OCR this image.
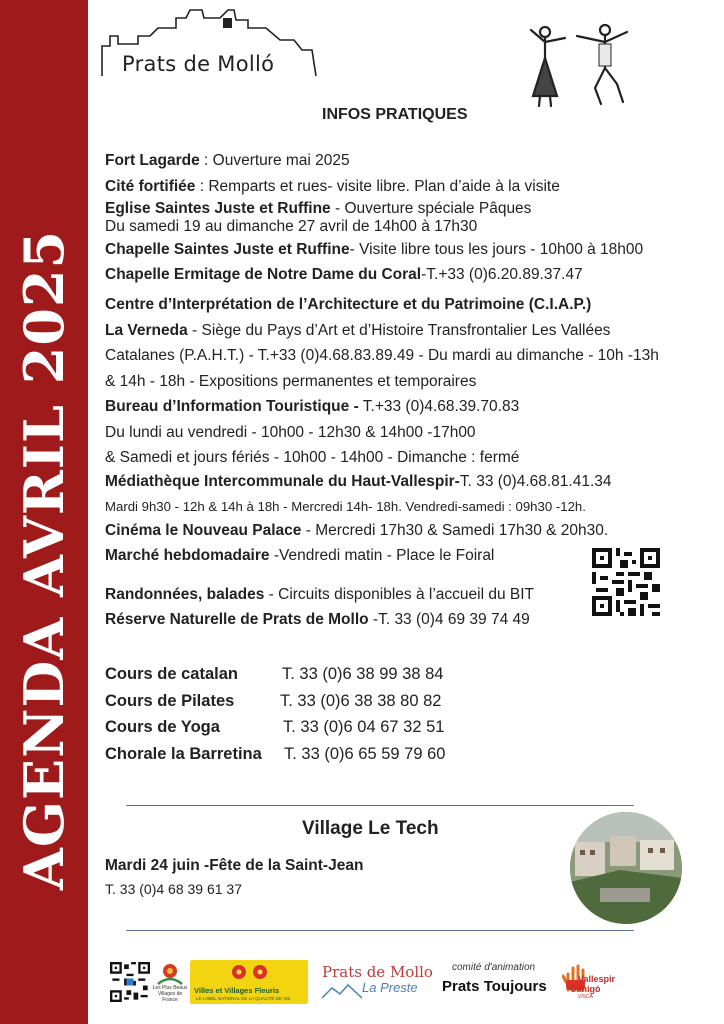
AGENDA AVRIL 2025
Prats de Molló
INFOS PRATIQUES
Fort Lagarde : Ouverture mai 2025
Cité fortifiée : Remparts et rues- visite libre. Plan d’aide à la visite
Eglise Saintes Juste et Ruffine - Ouverture spéciale Pâques
Du samedi 19 au dimanche 27 avril de 14h00 à 17h30
Chapelle Saintes Juste et Ruffine- Visite libre tous les jours - 10h00 à 18h00
Chapelle Ermitage de Notre Dame du Coral-T.+33 (0)6.20.89.37.47
Centre d’Interprétation de l’Architecture et du Patrimoine (C.I.A.P.)
La Verneda - Siège du Pays d’Art et d’Histoire Transfrontalier Les Vallées
Catalanes (P.A.H.T.) - T.+33 (0)4.68.83.89.49 - Du mardi au dimanche - 10h -13h
& 14h - 18h - Expositions permanentes et temporaires
Bureau d’Information Touristique - T.+33 (0)4.68.39.70.83
Du lundi au vendredi - 10h00 - 12h30 & 14h00 -17h00
& Samedi et jours fériés - 10h00 - 14h00 - Dimanche : fermé
Médiathèque Intercommunale du Haut-Vallespir-T. 33 (0)4.68.81.41.34
Mardi 9h30 - 12h & 14h à 18h - Mercredi 14h- 18h. Vendredi-samedi : 09h30 -12h.
Cinéma le Nouveau Palace - Mercredi 17h30 & Samedi 17h30 & 20h30.
Marché hebdomadaire -Vendredi matin - Place le Foiral
Randonnées, balades - Circuits disponibles à l’accueil du BIT
Réserve Naturelle de Prats de Mollo -T. 33 (0)4 69 39 74 49
Cours de catalan	T. 33 (0)6 38 99 38 84
Cours de Pilates	T. 33 (0)6 38 38 80 82
Cours de Yoga	T. 33 (0)6 04 67 32 51
Chorale la Barretina T. 33 (0)6 65 59 79 60
Village Le Tech
Mardi 24 juin -Fête de la Saint-Jean
T. 33 (0)4 68 39 61 37
Les Plus Beaux Villages de France
Villes et Villages Fleuris
LE LABEL NATIONAL DE LA QUALITÉ DE VIE
Prats de Mollo
La Preste
comité d'animation
Prats Toujours	Vallespir
Canigó
VISCA
